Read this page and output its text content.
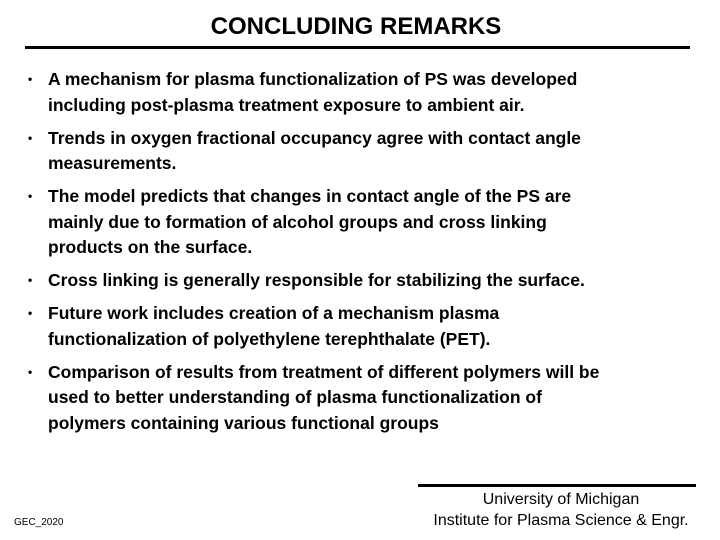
CONCLUDING REMARKS
• A mechanism for plasma functionalization of PS was developed
including post-plasma treatment exposure to ambient air.
• Trends in oxygen fractional occupancy agree with contact angle
measurements.
• The model predicts that changes in contact angle of the PS are
mainly due to formation of alcohol groups and cross linking
products on the surface.
• Cross linking is generally responsible for stabilizing the surface.
• Future work includes creation of a mechanism plasma
functionalization of polyethylene terephthalate (PET).
• Comparison of results from treatment of different polymers will be
used to better understanding of plasma functionalization of
polymers containing various functional groups
GEC_2020
University of Michigan
Institute for Plasma Science & Engr.
